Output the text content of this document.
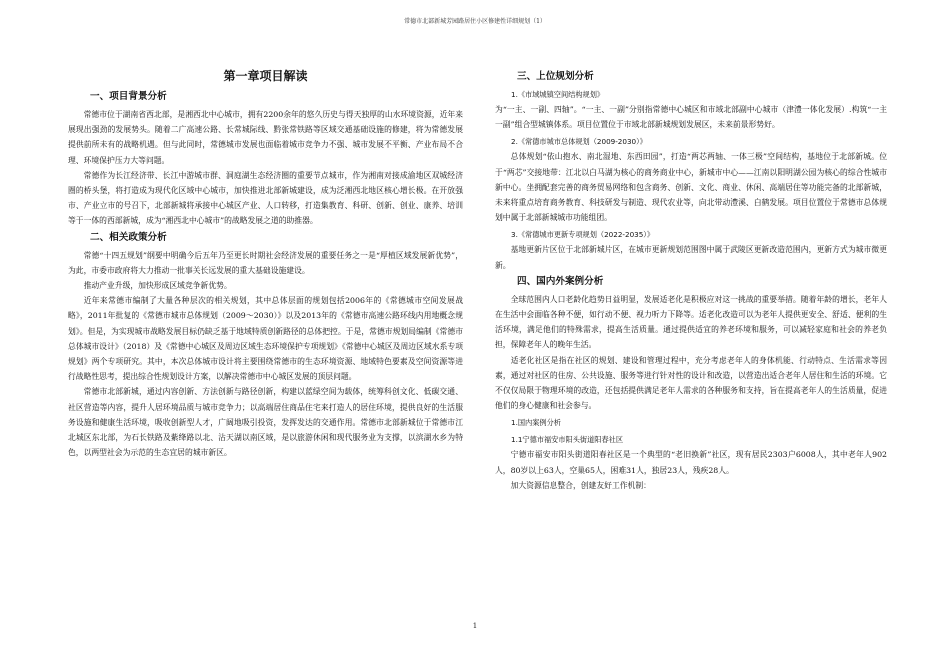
常德市北部新城芳园路居住小区修建性详细规划（1）
第一章项目解读
一、项目背景分析

常德市位于湖南省西北部，是湘西北中心城市，拥有2200余年的悠久历史与得天独厚的山水环境资源，近年来展现出强劲的发展势头。随着二广高速公路、长常城际线、黔张常铁路等区域交通基础设施的修建，将为常德发展提供前所未有的战略机遇。但与此同时，常德城市发展也面临着城市竞争力不强、城市发展不平衡、产业布局不合理、环境保护压力大等问题。

常德作为长江经济带、长江中游城市群、洞庭湖生态经济圈的重要节点城市，作为湘南对接成渝地区双城经济圈的桥头堡，将打造成为现代化区域中心城市，加快推进北部新城建设，成为泛湘西北地区核心增长极。在开放强市、产业立市的号召下，北部新城将承接中心城区产业、人口转移，打造集教育、科研、创新、创业、康养、培训等于一体的西部新城，成为“湘西北中心城市”的战略发展之道的助推器。

二、相关政策分析

常德“十四五规划”纲要中明确今后五年乃至更长时期社会经济发展的重要任务之一是“厚植区域发展新优势”，为此，市委市政府将大力推动一批事关长远发展的重大基础设施建设。

推动产业升级，加快形成区域竞争新优势。

近年来常德市编制了大量各种层次的相关规划，其中总体层面的规划包括2006年的《常德城市空间发展战略》，2011年批复的《常德市城市总体规划（2009～2030）》以及2013年的《常德市高速公路环线内用地概念规划》。但是，为实现城市战略发展目标仍缺乏基于地域特质创新路径的总体把控。于是，常德市规划局编制《常德市总体城市设计》（2018）及《常德中心城区及周边区域生态环境保护专项规划》《常德中心城区及周边区域水系专项规划》两个专项研究。其中，本次总体城市设计将主要围绕常德市的生态环境资源、地域特色要素及空间资源等进行战略性思考，提出综合性规划设计方案，以解决常德市中心城区发展的顶层问题。

常德市北部新城，通过内容创新、方法创新与路径创新，构建以蓝绿空间为载体，统筹科创文化、低碳交通、社区营造等内容，提升人居环境品质与城市竞争力；以高端居住商品住宅来打造人的居住环境，提供良好的生活服务设施和健康生活环境，吸收创新型人才，广阔地吸引投资，发挥发达的交通作用。常德市北部新城位于常德市江北城区东北部，为石长铁路及紫绛路以北、沾天湖以南区域，是以旅游休闲和现代服务业为支撑，以滨湖水乡为特色，以两型社会为示范的生态宜居的城市新区。

三、上位规划分析
1.《市域城镇空间结构规划》

为“一主、一副、四轴”。“一主、一副”分别指常德中心城区和市域北部副中心城市（津澧一体化发展）.构筑“一主一副”组合型城镇体系。项目位置位于市域北部新城规划发展区，未来前景形势好。

2.《常德市城市总体规划（2009-2030）》

总体规划“依山抱水、南北湿地、东西田园”，打造“两芯两轴、一体三极”空间结构，基地位于北部新城。位于“两芯”交接地带：江北以白马湖为核心的商务商业中心，新城市中心——江南以阳明湖公园为核心的综合性城市新中心。坐拥配套完善的商务贸易网络和包含商务、创新、文化、商业、休闲、高端居住等功能完备的北部新城，未来将重点培育商务教育、科技研发与制造、现代农业等，向北带动澧溪、白鹤发展。项目位置位于常德市总体规划中属于北部新城城市功能组团。

3.《常德城市更新专项规划（2022-2035）》

基地更新片区位于北部新城片区，在城市更新规划范围图中属于武陵区更新改造范围内，更新方式为城市微更新。

四、国内外案例分析

全球范围内人口老龄化趋势日益明显，发展适老化是积极应对这一挑战的重要举措。随着年龄的增长，老年人在生活中会面临各种不便，如行动不便、视力听力下降等。适老化改造可以为老年人提供更安全、舒适、便利的生活环境，满足他们的特殊需求，提高生活质量。通过提供适宜的养老环境和服务，可以减轻家庭和社会的养老负担，保障老年人的晚年生活。

适老化社区是指在社区的规划、建设和管理过程中，充分考虑老年人的身体机能、行动特点、生活需求等因素，通过对社区的住房、公共设施、服务等进行针对性的设计和改造，以营造出适合老年人居住和生活的环境。它不仅仅局限于物理环境的改造，还包括提供满足老年人需求的各种服务和支持，旨在提高老年人的生活质量，促进他们的身心健康和社会参与。

1.国内案例分析
1.1宁德市福安市阳头街道阳春社区

宁德市福安市阳头街道阳春社区是一个典型的“老旧换新”社区，现有居民2303户6008人，其中老年人902人，80岁以上63人，空巢65人，困难31人，独居23人，残疾28人。

加大资源信息整合，创建友好工作机制：

1
